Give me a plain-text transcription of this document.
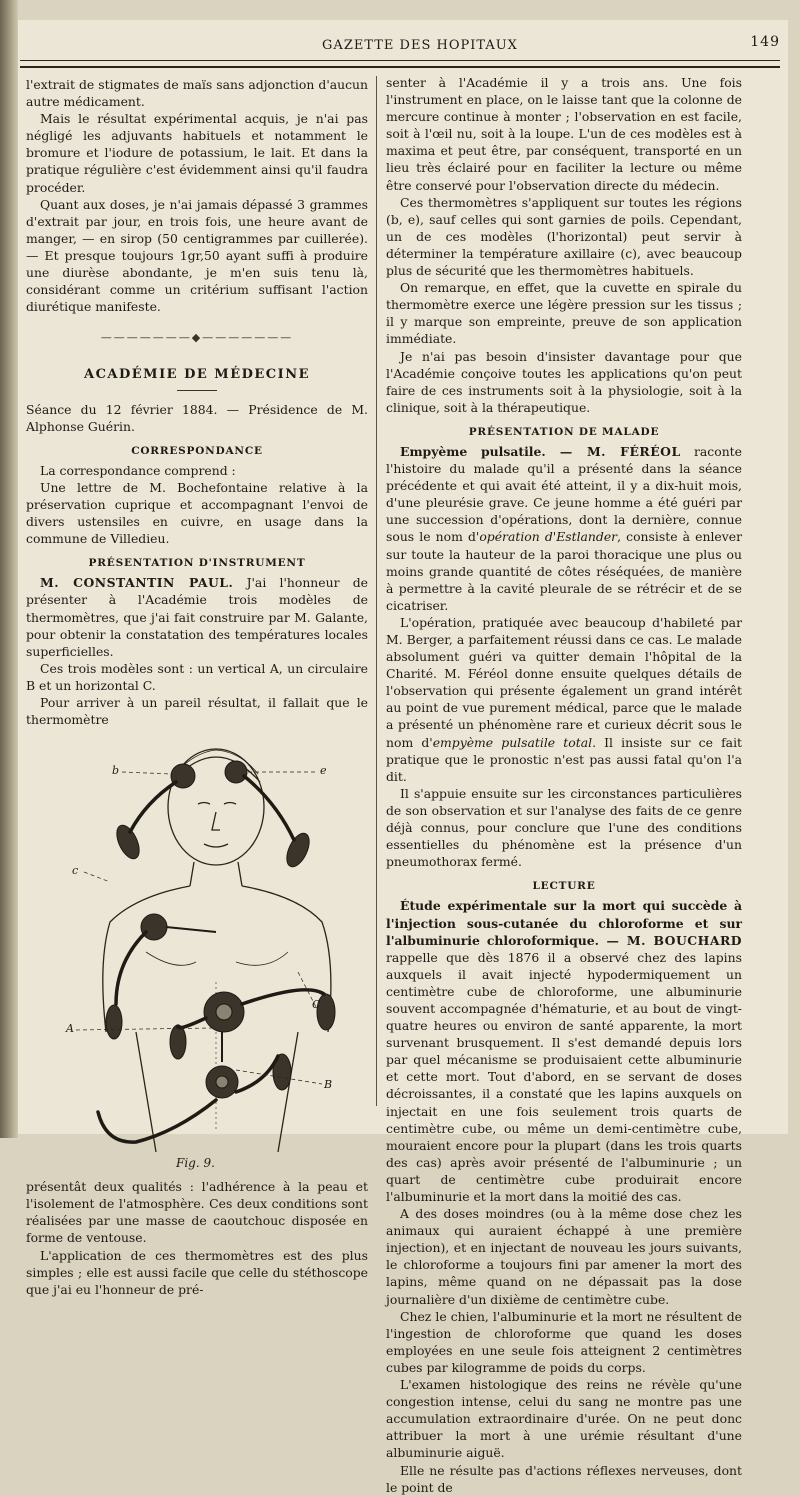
GAZETTE DES HOPITAUX	149

l'extrait de stigmates de maïs sans adjonction d'aucun autre médicament.

Mais le résultat expérimental acquis, je n'ai pas négligé les adjuvants habituels et notamment le bromure et l'iodure de potassium, le lait. Et dans la pratique régulière c'est évidemment ainsi qu'il faudra procéder.

Quant aux doses, je n'ai jamais dépassé 3 grammes d'extrait par jour, en trois fois, une heure avant de manger, — en sirop (50 centigrammes par cuillerée). — Et presque toujours 1gr,50 ayant suffi à produire une diurèse abondante, je m'en suis tenu là, considérant comme un critérium suffisant l'action diurétique manifeste.

———————◆———————
ACADÉMIE DE MÉDECINE

Séance du 12 février 1884. — Présidence de M. Alphonse Guérin.

CORRESPONDANCE

La correspondance comprend :

Une lettre de M. Bochefontaine relative à la préservation cuprique et accompagnant l'envoi de divers ustensiles en cuivre, en usage dans la commune de Villedieu.

PRÉSENTATION D'INSTRUMENT

M. CONSTANTIN PAUL. J'ai l'honneur de présenter à l'Académie trois modèles de thermomètres, que j'ai fait construire par M. Galante, pour obtenir la constatation des températures locales superficielles.

Ces trois modèles sont : un vertical A, un circulaire B et un horizontal C.

Pour arriver à un pareil résultat, il fallait que le thermomètre

b	e
c
A
C
B
Fig. 9.

présentât deux qualités : l'adhérence à la peau et l'isolement de l'atmosphère. Ces deux conditions sont réalisées par une masse de caoutchouc disposée en forme de ventouse.

L'application de ces thermomètres est des plus simples ; elle est aussi facile que celle du stéthoscope que j'ai eu l'honneur de pré-

senter à l'Académie il y a trois ans. Une fois l'instrument en place, on le laisse tant que la colonne de mercure continue à monter ; l'observation en est facile, soit à l'œil nu, soit à la loupe. L'un de ces modèles est à maxima et peut être, par conséquent, transporté en un lieu très éclairé pour en faciliter la lecture ou même être conservé pour l'observation directe du médecin.

Ces thermomètres s'appliquent sur toutes les régions (b, e), sauf celles qui sont garnies de poils. Cependant, un de ces modèles (l'horizontal) peut servir à déterminer la température axillaire (c), avec beaucoup plus de sécurité que les thermomètres habituels.

On remarque, en effet, que la cuvette en spirale du thermomètre exerce une légère pression sur les tissus ; il y marque son empreinte, preuve de son application immédiate.

Je n'ai pas besoin d'insister davantage pour que l'Académie conçoive toutes les applications qu'on peut faire de ces instruments soit à la physiologie, soit à la clinique, soit à la thérapeutique.

PRÉSENTATION DE MALADE

Empyème pulsatile. — M. FÉRÉOL raconte l'histoire du malade qu'il a présenté dans la séance précédente et qui avait été atteint, il y a dix-huit mois, d'une pleurésie grave. Ce jeune homme a été guéri par une succession d'opérations, dont la dernière, connue sous le nom d'opération d'Estlander, consiste à enlever sur toute la hauteur de la paroi thoracique une plus ou moins grande quantité de côtes réséquées, de manière à permettre à la cavité pleurale de se rétrécir et de se cicatriser.

L'opération, pratiquée avec beaucoup d'habileté par M. Berger, a parfaitement réussi dans ce cas. Le malade absolument guéri va quitter demain l'hôpital de la Charité. M. Féréol donne ensuite quelques détails de l'observation qui présente également un grand intérêt au point de vue purement médical, parce que le malade a présenté un phénomène rare et curieux décrit sous le nom d'empyème pulsatile total. Il insiste sur ce fait pratique que le pronostic n'est pas aussi fatal qu'on l'a dit.

Il s'appuie ensuite sur les circonstances particulières de son observation et sur l'analyse des faits de ce genre déjà connus, pour conclure que l'une des conditions essentielles du phénomène est la présence d'un pneumothorax fermé.

LECTURE

Étude expérimentale sur la mort qui succède à l'injection sous-cutanée du chloroforme et sur l'albuminurie chloroformique. — M. BOUCHARD rappelle que dès 1876 il a observé chez des lapins auxquels il avait injecté hypodermiquement un centimètre cube de chloroforme, une albuminurie souvent accompagnée d'hématurie, et au bout de vingt-quatre heures ou environ de santé apparente, la mort survenant brusquement. Il s'est demandé depuis lors par quel mécanisme se produisaient cette albuminurie et cette mort. Tout d'abord, en se servant de doses décroissantes, il a constaté que les lapins auxquels on injectait en une fois seulement trois quarts de centimètre cube, ou même un demi-centimètre cube, mouraient encore pour la plupart (dans les trois quarts des cas) après avoir présenté de l'albuminurie ; un quart de centimètre cube produirait encore l'albuminurie et la mort dans la moitié des cas.

A des doses moindres (ou à la même dose chez les animaux qui auraient échappé à une première injection), et en injectant de nouveau les jours suivants, le chloroforme a toujours fini par amener la mort des lapins, même quand on ne dépassait pas la dose journalière d'un dixième de centimètre cube.

Chez le chien, l'albuminurie et la mort ne résultent de l'ingestion de chloroforme que quand les doses employées en une seule fois atteignent 2 centimètres cubes par kilogramme de poids du corps.

L'examen histologique des reins ne révèle qu'une congestion intense, celui du sang ne montre pas une accumulation extraordinaire d'urée. On ne peut donc attribuer la mort à une urémie résultant d'une albuminurie aiguë.

Elle ne résulte pas d'actions réflexes nerveuses, dont le point de
